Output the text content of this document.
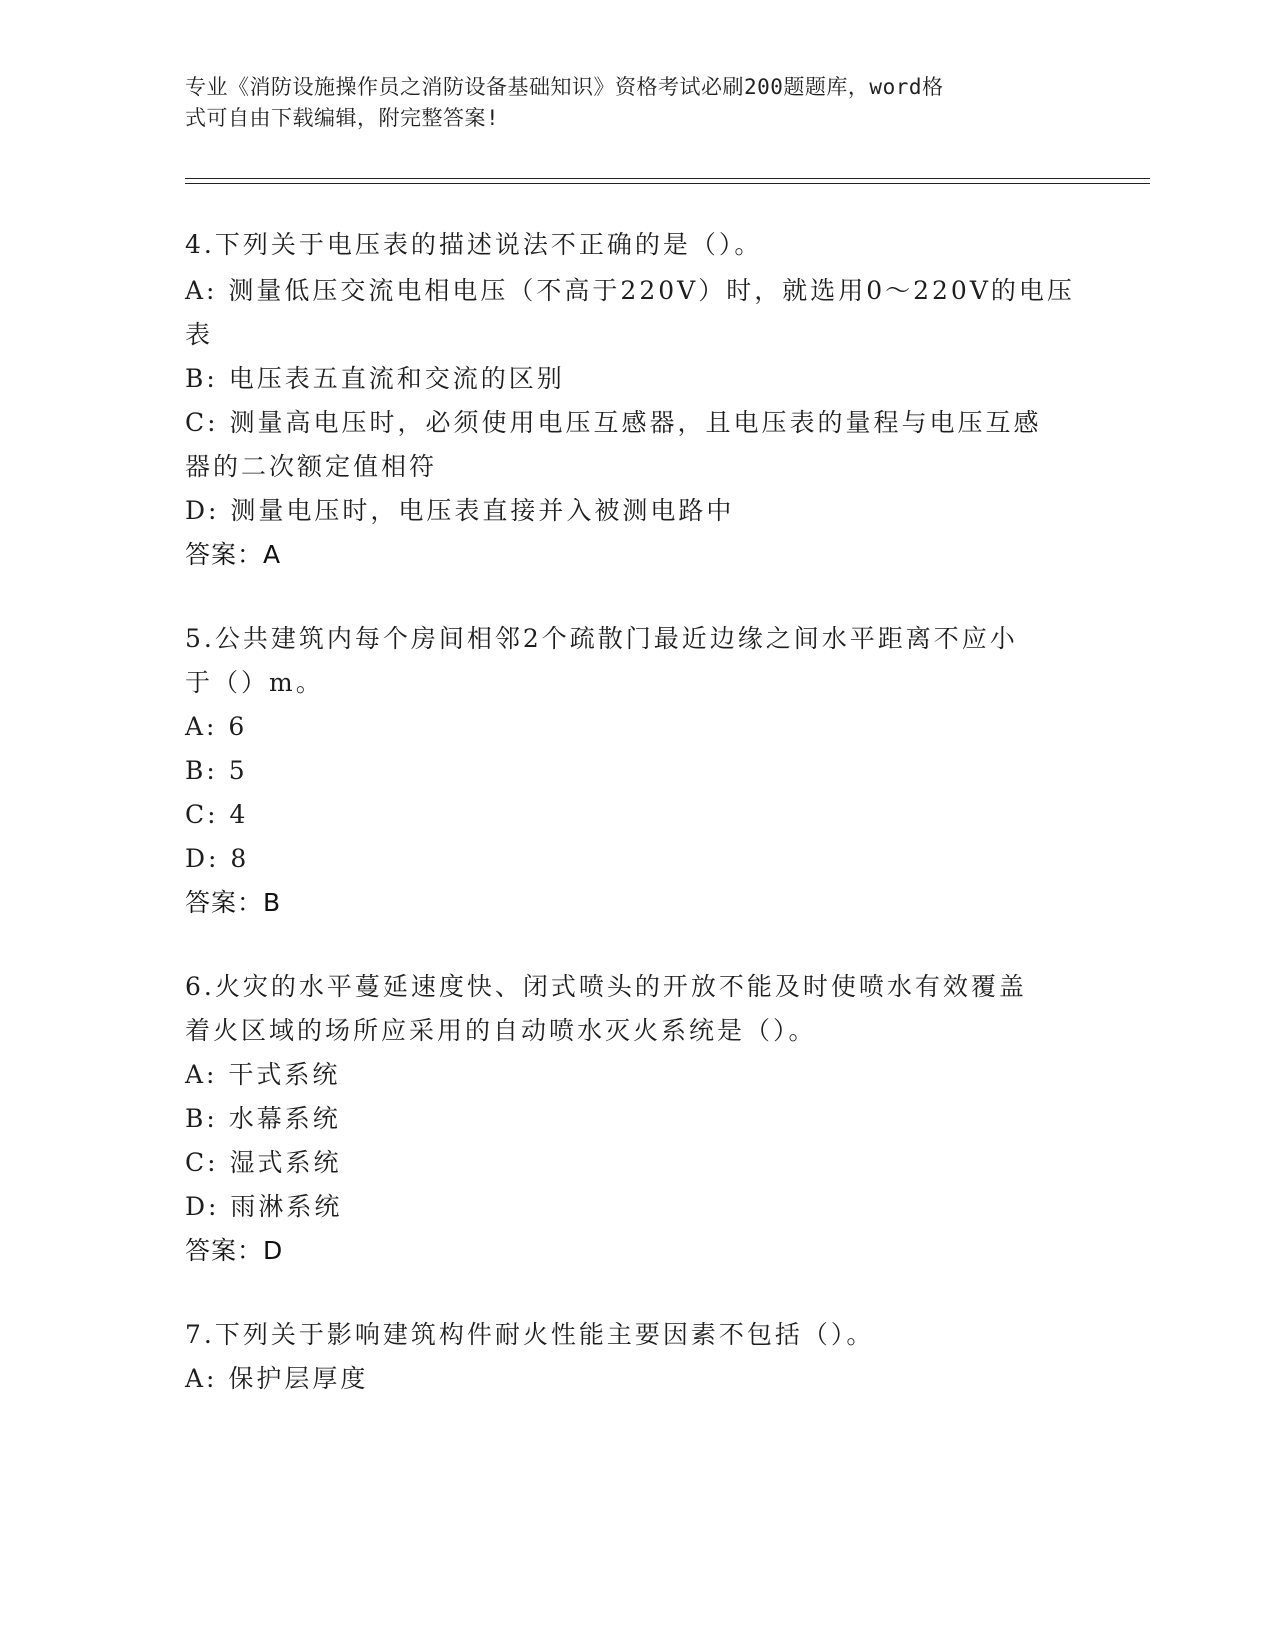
专业《消防设施操作员之消防设备基础知识》资格考试必刷200题题库，word格
式可自由下载编辑，附完整答案!
4.下列关于电压表的描述说法不正确的是（）。
A: 测量低压交流电相电压（不高于220V）时，就选用0～220V的电压
表
B: 电压表五直流和交流的区别
C: 测量高电压时，必须使用电压互感器，且电压表的量程与电压互感
器的二次额定值相符
D: 测量电压时，电压表直接并入被测电路中
答案：A
5.公共建筑内每个房间相邻2个疏散门最近边缘之间水平距离不应小
于（）m。
A: 6
B: 5
C: 4
D: 8
答案：B
6.火灾的水平蔓延速度快、闭式喷头的开放不能及时使喷水有效覆盖
着火区域的场所应采用的自动喷水灭火系统是（）。
A: 干式系统
B: 水幕系统
C: 湿式系统
D: 雨淋系统
答案：D
7.下列关于影响建筑构件耐火性能主要因素不包括（）。
A: 保护层厚度
